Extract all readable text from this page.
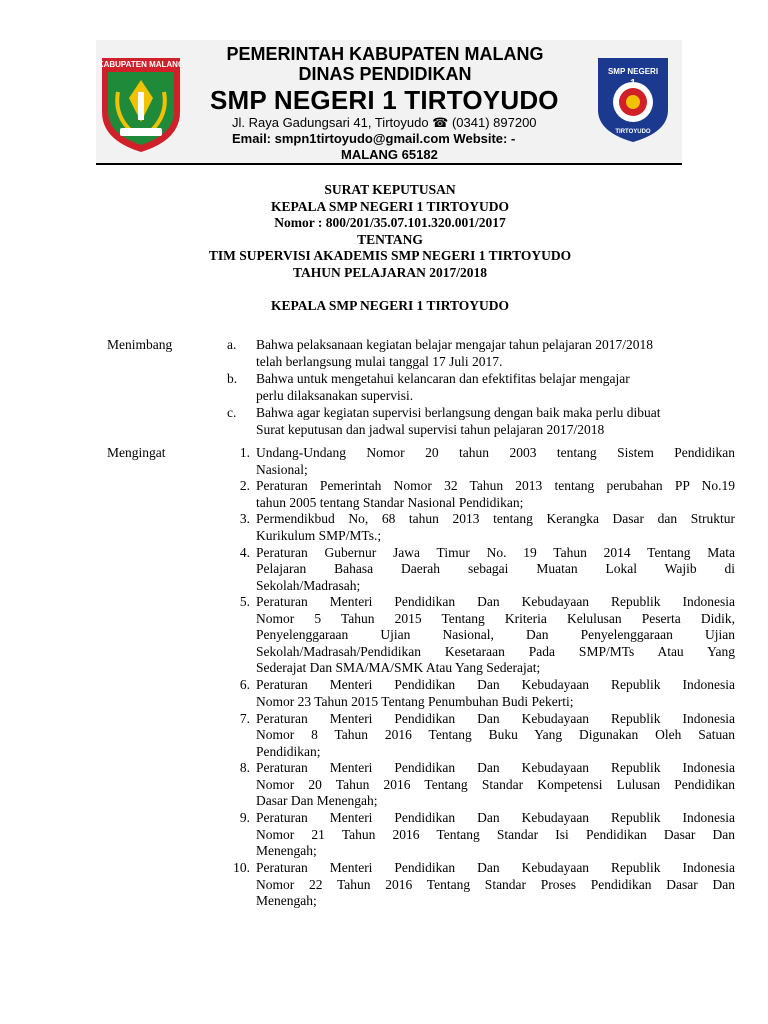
KABUPATEN MALANG
SMP NEGERI
1
TIRTOYUDO
PEMERINTAH KABUPATEN MALANG
DINAS PENDIDIKAN
SMP NEGERI 1 TIRTOYUDO
Jl. Raya Gadungsari 41, Tirtoyudo ☎ (0341) 897200
Email: smpn1tirtoyudo@gmail.com Website: -
MALANG 65182
SURAT KEPUTUSAN
KEPALA SMP NEGERI 1 TIRTOYUDO
Nomor : 800/201/35.07.101.320.001/2017
TENTANG
TIM SUPERVISI AKADEMIS SMP NEGERI 1 TIRTOYUDO
TAHUN PELAJARAN 2017/2018
KEPALA SMP NEGERI 1 TIRTOYUDO
Menimbang	a.	Bahwa pelaksanaan kegiatan belajar mengajar tahun pelajaran 2017/2018
telah berlangsung mulai tanggal 17 Juli 2017.
b.	Bahwa untuk mengetahui kelancaran dan efektifitas belajar mengajar
perlu dilaksanakan supervisi.
c.	Bahwa agar kegiatan supervisi berlangsung dengan baik maka perlu dibuat
Surat keputusan dan jadwal supervisi tahun pelajaran 2017/2018
Mengingat	1. Undang-Undang Nomor 20 tahun 2003 tentang Sistem Pendidikan
Nasional;
2. Peraturan Pemerintah Nomor 32 Tahun 2013 tentang perubahan PP No.19
tahun 2005 tentang Standar Nasional Pendidikan;
3. Permendikbud No, 68 tahun 2013 tentang Kerangka Dasar dan Struktur
Kurikulum SMP/MTs.;
4. Peraturan Gubernur Jawa Timur No. 19 Tahun 2014 Tentang Mata
Pelajaran Bahasa Daerah sebagai Muatan Lokal Wajib di
Sekolah/Madrasah;
5. Peraturan Menteri Pendidikan Dan Kebudayaan Republik Indonesia
Nomor 5 Tahun 2015 Tentang Kriteria Kelulusan Peserta Didik,
Penyelenggaraan Ujian Nasional, Dan Penyelenggaraan Ujian
Sekolah/Madrasah/Pendidikan Kesetaraan Pada SMP/MTs Atau Yang
Sederajat Dan SMA/MA/SMK Atau Yang Sederajat;
6. Peraturan Menteri Pendidikan Dan Kebudayaan Republik Indonesia
Nomor 23 Tahun 2015 Tentang Penumbuhan Budi Pekerti;
7. Peraturan Menteri Pendidikan Dan Kebudayaan Republik Indonesia
Nomor 8 Tahun 2016 Tentang Buku Yang Digunakan Oleh Satuan
Pendidikan;
8. Peraturan Menteri Pendidikan Dan Kebudayaan Republik Indonesia
Nomor 20 Tahun 2016 Tentang Standar Kompetensi Lulusan Pendidikan
Dasar Dan Menengah;
9. Peraturan Menteri Pendidikan Dan Kebudayaan Republik Indonesia
Nomor 21 Tahun 2016 Tentang Standar Isi Pendidikan Dasar Dan
Menengah;
10. Peraturan Menteri Pendidikan Dan Kebudayaan Republik Indonesia
Nomor 22 Tahun 2016 Tentang Standar Proses Pendidikan Dasar Dan
Menengah;
